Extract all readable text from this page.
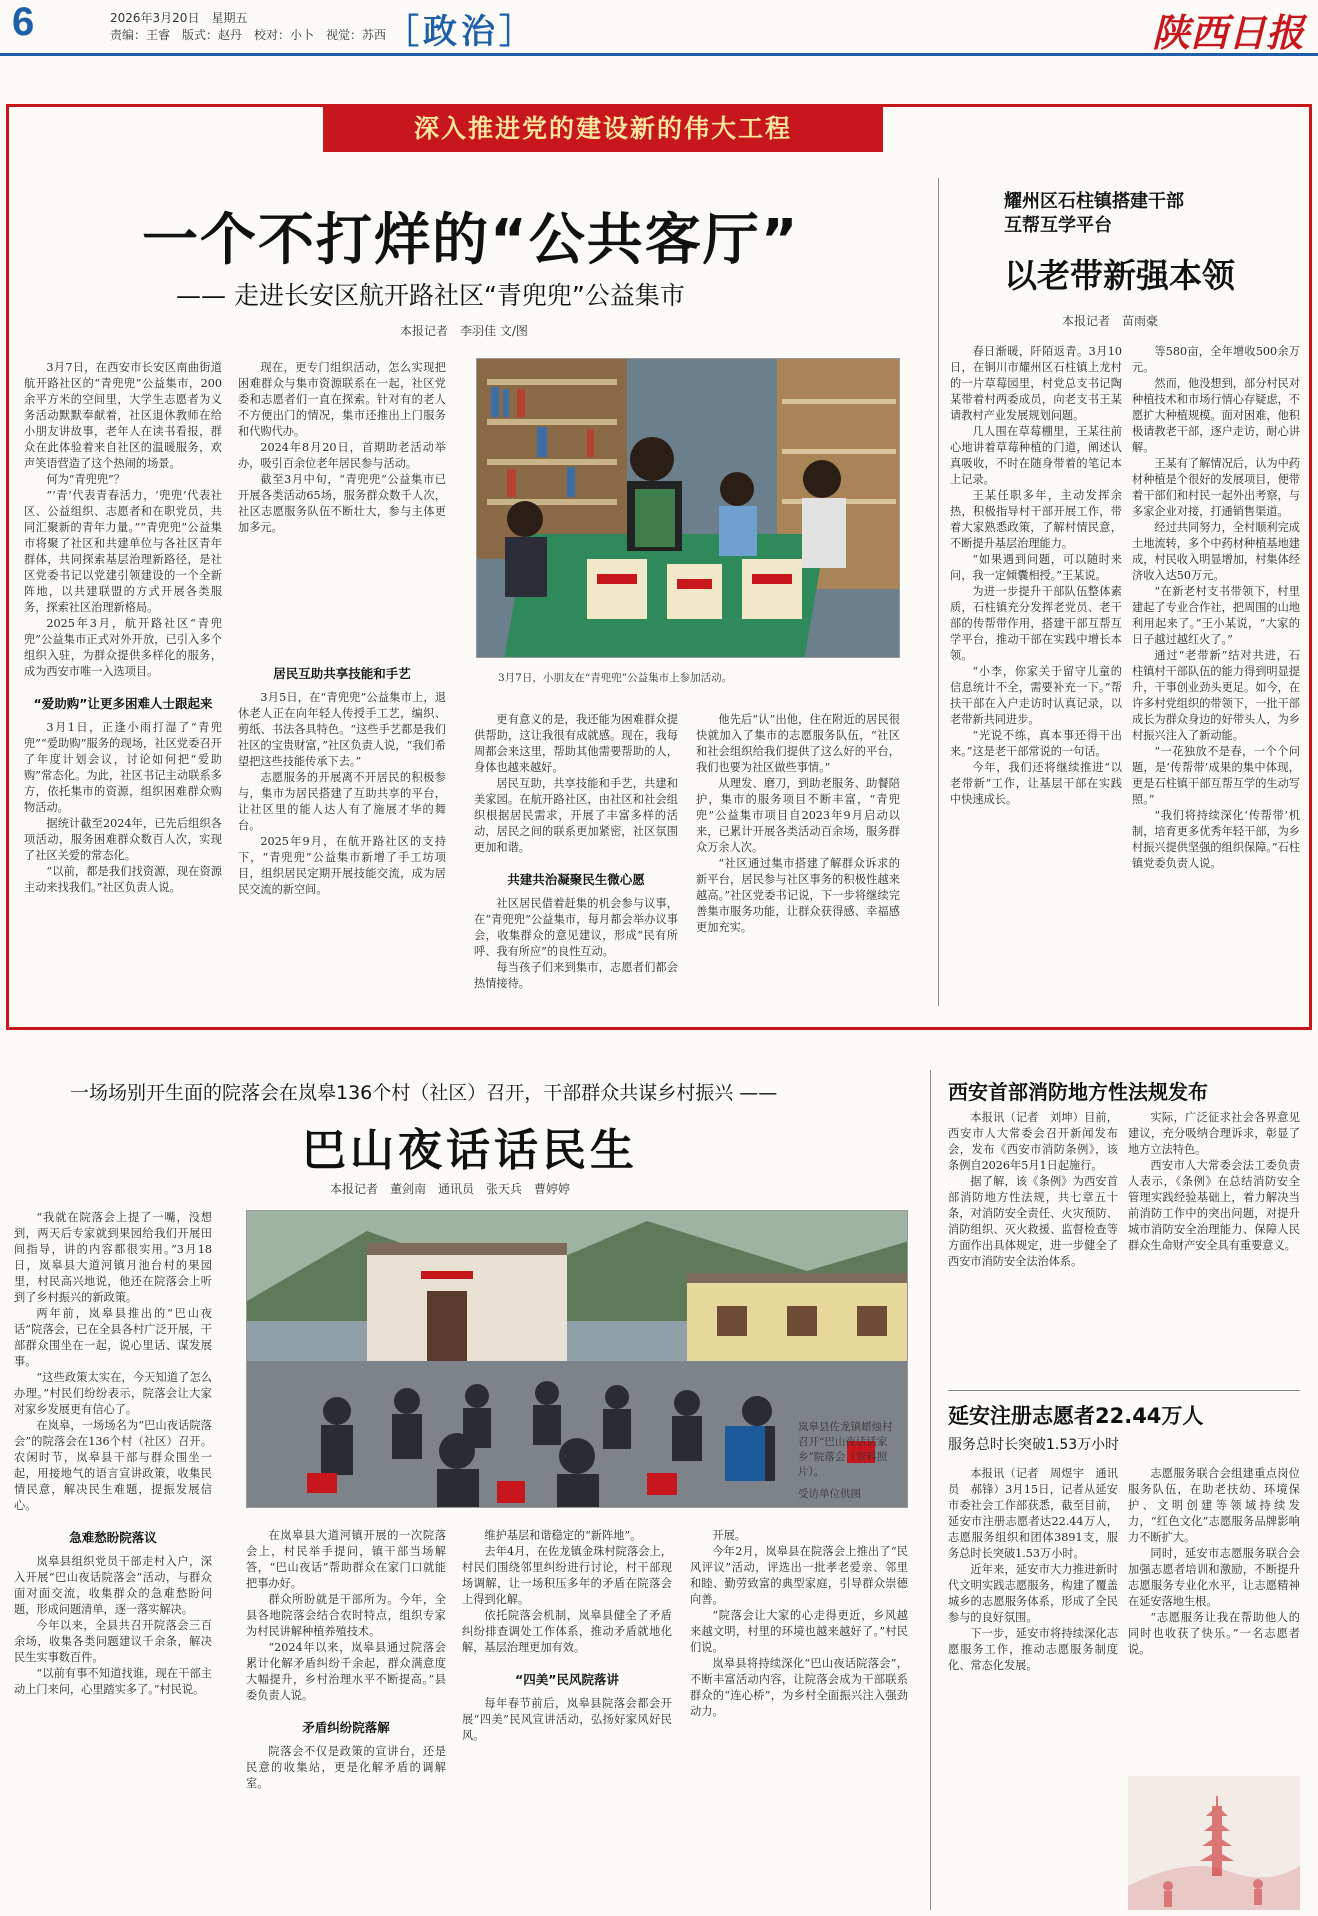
6	2026年3月20日　星期五
责编：王睿　版式：赵丹　校对：小卜　视觉：苏西
［政治］	陕西日报
深入推进党的建设新的伟大工程
一个不打烊的“公共客厅”
—— 走进长安区航开路社区“青兜兜”公益集市
本报记者　李羽佳 文/图

3月7日，在西安市长安区南曲街道航开路社区的“青兜兜”公益集市，200余平方米的空间里，大学生志愿者为义务活动默默奉献着，社区退休教师在给小朋友讲故事，老年人在读书看报，群众在此体验着来自社区的温暖服务，欢声笑语营造了这个热闹的场景。

何为“青兜兜”？

“‘青’代表青春活力，‘兜兜’代表社区、公益组织、志愿者和在职党员，共同汇聚新的青年力量。”“青兜兜”公益集市将聚了社区和共建单位与各社区青年群体，共同探索基层治理新路径，是社区党委书记以党建引领建设的一个全新阵地，以共建联盟的方式开展各类服务，探索社区治理新格局。

2025年3月，航开路社区“青兜兜”公益集市正式对外开放，已引入多个组织入驻，为群众提供多样化的服务，成为西安市唯一入选项目。

“爱助购”让更多困难人士跟起来

3月1日，正逢小雨打湿了“青兜兜”“爱助购”服务的现场，社区党委召开了年度计划会议，讨论如何把“爱助购”常态化。为此，社区书记主动联系多方，依托集市的资源，组织困难群众购物活动。

据统计截至2024年，已先后组织各项活动，服务困难群众数百人次，实现了社区关爱的常态化。

“以前，都是我们找资源，现在资源主动来找我们。”社区负责人说。

现在，更专门组织活动，怎么实现把困难群众与集市资源联系在一起，社区党委和志愿者们一直在探索。针对有的老人不方便出门的情况，集市还推出上门服务和代购代办。

2024年8月20日，首期助老活动举办，吸引百余位老年居民参与活动。

截至3月中旬，“青兜兜”公益集市已开展各类活动65场，服务群众数千人次，社区志愿服务队伍不断壮大，参与主体更加多元。

3月7日，小朋友在“青兜兜”公益集市上参加活动。
居民互助共享技能和手艺

3月5日，在“青兜兜”公益集市上，退休老人正在向年轻人传授手工艺，编织、剪纸、书法各具特色。“这些手艺都是我们社区的宝贵财富，”社区负责人说，“我们希望把这些技能传承下去。”

志愿服务的开展离不开居民的积极参与，集市为居民搭建了互助共享的平台，让社区里的能人达人有了施展才华的舞台。

2025年9月，在航开路社区的支持下，“青兜兜”公益集市新增了手工坊项目，组织居民定期开展技能交流，成为居民交流的新空间。

更有意义的是，我还能为困难群众提供帮助，这让我很有成就感。现在，我每周都会来这里，帮助其他需要帮助的人，身体也越来越好。

居民互助，共享技能和手艺，共建和美家园。在航开路社区，由社区和社会组织根据居民需求，开展了丰富多样的活动，居民之间的联系更加紧密，社区氛围更加和谐。

共建共治凝聚民生微心愿

社区居民借着赶集的机会参与议事，在“青兜兜”公益集市，每月都会举办议事会，收集群众的意见建议，形成“民有所呼、我有所应”的良性互动。

每当孩子们来到集市，志愿者们都会热情接待。

他先后“认”出他，住在附近的居民很快就加入了集市的志愿服务队伍，“社区和社会组织给我们提供了这么好的平台，我们也要为社区做些事情。”

从理发、磨刀，到助老服务、助餐陪护，集市的服务项目不断丰富，“青兜兜”公益集市项目自2023年9月启动以来，已累计开展各类活动百余场，服务群众万余人次。

“社区通过集市搭建了解群众诉求的新平台，居民参与社区事务的积极性越来越高。”社区党委书记说，下一步将继续完善集市服务功能，让群众获得感、幸福感更加充实。

耀州区石柱镇搭建干部
互帮互学平台
以老带新强本领
本报记者　苗雨豪

春日渐暖，阡陌返青。3月10日，在铜川市耀州区石柱镇上龙村的一片草莓园里，村党总支书记陶某带着村两委成员，向老支书王某请教村产业发展规划问题。

几人围在草莓棚里，王某往前心地讲着草莓种植的门道，阐述认真吸收，不时在随身带着的笔记本上记录。

王某任职多年，主动发挥余热，积极指导村干部开展工作，带着大家熟悉政策，了解村情民意，不断提升基层治理能力。

“如果遇到问题，可以随时来问，我一定倾囊相授。”王某说。

为进一步提升干部队伍整体素质，石柱镇充分发挥老党员、老干部的传帮带作用，搭建干部互帮互学平台，推动干部在实践中增长本领。

“小李，你家关于留守儿童的信息统计不全，需要补充一下。”帮扶干部在入户走访时认真记录，以老带新共同进步。

“光说不练，真本事还得干出来。”这是老干部常说的一句话。

今年，我们还将继续推进“以老带新”工作，让基层干部在实践中快速成长。

等580亩，全年增收500余万元。

然而，他没想到，部分村民对种植技术和市场行情心存疑虑，不愿扩大种植规模。面对困难，他积极请教老干部，逐户走访，耐心讲解。

王某有了解情况后，认为中药材种植是个很好的发展项目，便带着干部们和村民一起外出考察，与多家企业对接，打通销售渠道。

经过共同努力，全村顺利完成土地流转，多个中药材种植基地建成，村民收入明显增加，村集体经济收入达50万元。

“在新老村支书带领下，村里建起了专业合作社，把周围的山地利用起来了。”王小某说，“大家的日子越过越红火了。”

通过“老带新”结对共进，石柱镇村干部队伍的能力得到明显提升，干事创业劲头更足。如今，在许多村党组织的带领下，一批干部成长为群众身边的好带头人，为乡村振兴注入了新动能。

“一花独放不是春，一个个问题，是‘传帮带’成果的集中体现，更是石柱镇干部互帮互学的生动写照。”

“我们将持续深化‘传帮带’机制，培育更多优秀年轻干部，为乡村振兴提供坚强的组织保障。”石柱镇党委负责人说。

一场场别开生面的院落会在岚皋136个村（社区）召开，干部群众共谋乡村振兴 ——
巴山夜话话民生
本报记者　董剑南　通讯员　张天兵　曹婷婷

“我就在院落会上提了一嘴，没想到，两天后专家就到果园给我们开展田间指导，讲的内容都很实用。”3月18日，岚皋县大道河镇月池台村的果园里，村民高兴地说，他还在院落会上听到了乡村振兴的新政策。

两年前，岚皋县推出的“巴山夜话”院落会，已在全县各村广泛开展，干部群众围坐在一起，说心里话、谋发展事。

“这些政策太实在，今天知道了怎么办理。”村民们纷纷表示，院落会让大家对家乡发展更有信心了。

在岚皋，一场场名为“巴山夜话院落会”的院落会在136个村（社区）召开。农闲时节，岚皋县干部与群众围坐一起，用接地气的语言宣讲政策，收集民情民意，解决民生难题，提振发展信心。

急难愁盼院落议

岚皋县组织党员干部走村入户，深入开展“巴山夜话院落会”活动，与群众面对面交流，收集群众的急难愁盼问题，形成问题清单，逐一落实解决。

今年以来，全县共召开院落会三百余场，收集各类问题建议千余条，解决民生实事数百件。

“以前有事不知道找谁，现在干部主动上门来问，心里踏实多了。”村民说。

岚皋县佐龙镇蜡烛村召开“巴山夜话话家乡”院落会（资料照片）。
受访单位供图

在岚皋县大道河镇开展的一次院落会上，村民举手提问，镇干部当场解答，“巴山夜话”帮助群众在家门口就能把事办好。

群众所盼就是干部所为。今年，全县各地院落会结合农时特点，组织专家为村民讲解种植养殖技术。

“2024年以来，岚皋县通过院落会累计化解矛盾纠纷千余起，群众满意度大幅提升，乡村治理水平不断提高。”县委负责人说。

矛盾纠纷院落解

院落会不仅是政策的宣讲台，还是民意的收集站，更是化解矛盾的调解室。

维护基层和谐稳定的“新阵地”。

去年4月，在佐龙镇金珠村院落会上，村民们围绕邻里纠纷进行讨论，村干部现场调解，让一场积压多年的矛盾在院落会上得到化解。

依托院落会机制，岚皋县健全了矛盾纠纷排查调处工作体系，推动矛盾就地化解，基层治理更加有效。

“四美”民风院落讲

每年春节前后，岚皋县院落会都会开展“四美”民风宣讲活动，弘扬好家风好民风。

开展。

今年2月，岚皋县在院落会上推出了“民风评议”活动，评选出一批孝老爱亲、邻里和睦、勤劳致富的典型家庭，引导群众崇德向善。

“院落会让大家的心走得更近，乡风越来越文明，村里的环境也越来越好了。”村民们说。

岚皋县将持续深化“巴山夜话院落会”，不断丰富活动内容，让院落会成为干部联系群众的“连心桥”，为乡村全面振兴注入强劲动力。

西安首部消防地方性法规发布

本报讯（记者　刘坤）目前，西安市人大常委会召开新闻发布会，发布《西安市消防条例》，该条例自2026年5月1日起施行。

据了解，该《条例》为西安首部消防地方性法规，共七章五十条，对消防安全责任、火灾预防、消防组织、灭火救援、监督检查等方面作出具体规定，进一步健全了西安市消防安全法治体系。

实际，广泛征求社会各界意见建议，充分吸纳合理诉求，彰显了地方立法特色。

西安市人大常委会法工委负责人表示，《条例》在总结消防安全管理实践经验基础上，着力解决当前消防工作中的突出问题，对提升城市消防安全治理能力、保障人民群众生命财产安全具有重要意义。

延安注册志愿者22.44万人
服务总时长突破1.53万小时

本报讯（记者　周煜宇　通讯员　郝锋）3月15日，记者从延安市委社会工作部获悉，截至目前，延安市注册志愿者达22.44万人，志愿服务组织和团体3891支，服务总时长突破1.53万小时。

近年来，延安市大力推进新时代文明实践志愿服务，构建了覆盖城乡的志愿服务体系，形成了全民参与的良好氛围。

下一步，延安市将持续深化志愿服务工作，推动志愿服务制度化、常态化发展。

志愿服务联合会组建重点岗位服务队伍，在助老扶幼、环境保护、文明创建等领域持续发力，“红色文化”志愿服务品牌影响力不断扩大。

同时，延安市志愿服务联合会加强志愿者培训和激励，不断提升志愿服务专业化水平，让志愿精神在延安落地生根。

“志愿服务让我在帮助他人的同时也收获了快乐。”一名志愿者说。
